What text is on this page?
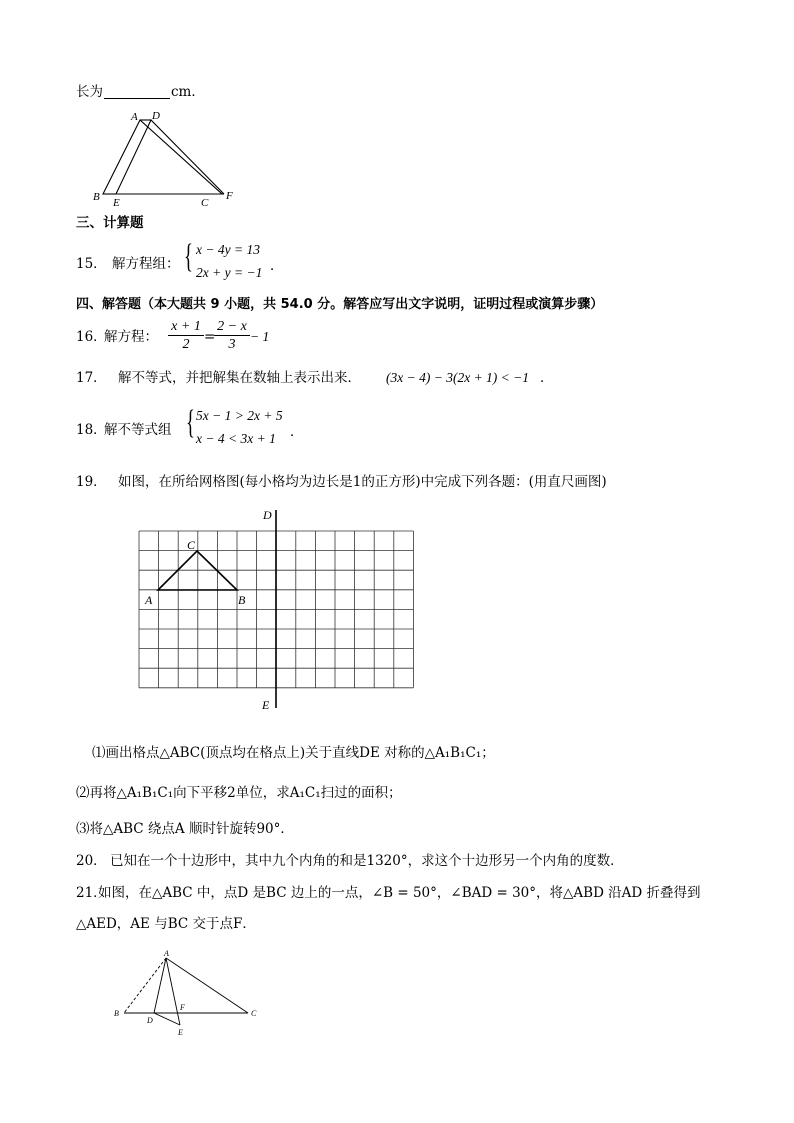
长为	cm．
A D
B E	C
F
三、计算题
15． 解方程组： { x − 4y = 13
2x + y = −1 ．
四、解答题（本大题共 9 小题，共 54.0 分。解答应写出文字说明，证明过程或演算步骤）
16．
解方程： $\frac{x + 1}{2}$ =
$\frac{2 - x}{3} - 1$
17． 解不等式，并把解集在数轴上表示出来． (3x − 4) − 3(2x + 1) < −1 ．
18．
解不等式组 { 5x − 1 > 2x + 5
x − 4 < 3x + 1 ．
19． 如图，在所给网格图(每小格均为边长是1的正方形)中完成下列各题：(用直尺画图)
C
A	B
D
E
⑴画出格点△ABC(顶点均在格点上)关于直线DE 对称的△A₁B₁C₁；
⑵再将△A₁B₁C₁向下平移2单位，求A₁C₁扫过的面积；
⑶将△ABC 绕点A 顺时针旋转90°．
20． 已知在一个十边形中，其中九个内角的和是1320°，求这个十边形另一个内角的度数．
21．
如图，在△ABC 中，点D 是BC 边上的一点，∠B = 50°，∠BAD = 30°，将△ABD 沿AD 折叠得到
△AED，AE 与BC 交于点F．
A
B	C
D
E
F
